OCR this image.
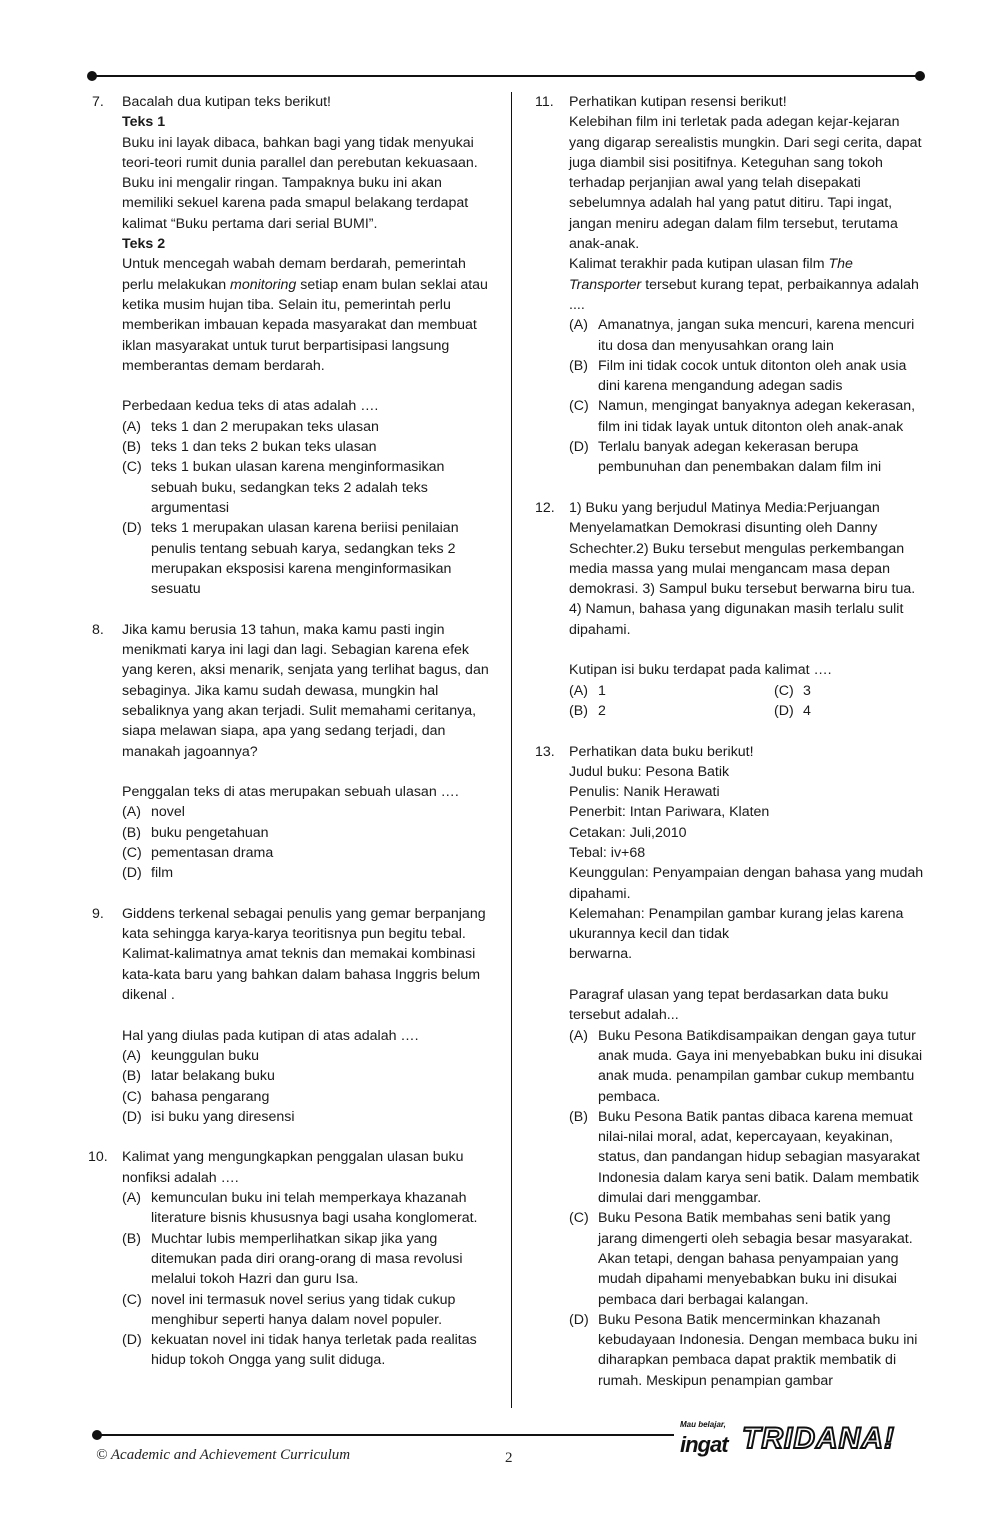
7. Bacalah dua kutipan teks berikut!

Teks 1

Buku ini layak dibaca, bahkan bagi yang tidak menyukai teori-teori rumit dunia parallel dan perebutan kekuasaan. Buku ini mengalir ringan. Tampaknya buku ini akan memiliki sekuel karena pada smapul belakang terdapat kalimat “Buku pertama dari serial BUMI”.

Teks 2

Untuk mencegah wabah demam berdarah, pemerintah perlu melakukan monitoring setiap enam bulan seklai atau ketika musim hujan tiba. Selain itu, pemerintah perlu memberikan imbauan kepada masyarakat dan membuat iklan masyarakat untuk turut berpartisipasi langsung memberantas demam berdarah.

Perbedaan kedua teks di atas adalah ….

(A) teks 1 dan 2 merupakan teks ulasan
(B) teks 1 dan teks 2 bukan teks ulasan
(C) teks 1 bukan ulasan karena menginformasikan sebuah buku, sedangkan teks 2 adalah teks argumentasi
(D) teks 1 merupakan ulasan karena beriisi penilaian penulis tentang sebuah karya, sedangkan teks 2 merupakan eksposisi karena menginformasikan sesuatu
8. Jika kamu berusia 13 tahun, maka kamu pasti ingin menikmati karya ini lagi dan lagi. Sebagian karena efek yang keren, aksi menarik, senjata yang terlihat bagus, dan sebaginya. Jika kamu sudah dewasa, mungkin hal sebaliknya yang akan terjadi. Sulit memahami ceritanya, siapa melawan siapa, apa yang sedang terjadi, dan manakah jagoannya?

Penggalan teks di atas merupakan sebuah ulasan ….

(A) novel
(B) buku pengetahuan
(C) pementasan drama
(D) film
9. Giddens terkenal sebagai penulis yang gemar berpanjang kata sehingga karya-karya teoritisnya pun begitu tebal. Kalimat-kalimatnya amat teknis dan memakai kombinasi kata-kata baru yang bahkan dalam bahasa Inggris belum dikenal .

Hal yang diulas pada kutipan di atas adalah ….

(A) keunggulan buku
(B) latar belakang buku
(C) bahasa pengarang
(D) isi buku yang diresensi
10. Kalimat yang mengungkapkan penggalan ulasan buku nonfiksi adalah ….

(A) kemunculan buku ini telah memperkaya khazanah literature bisnis khususnya bagi usaha konglomerat.
(B) Muchtar lubis memperlihatkan sikap jika yang ditemukan pada diri orang-orang di masa revolusi melalui tokoh Hazri dan guru Isa.
(C) novel ini termasuk novel serius yang tidak cukup menghibur seperti hanya dalam novel populer.
(D) kekuatan novel ini tidak hanya terletak pada realitas hidup tokoh Ongga yang sulit diduga.
11. Perhatikan kutipan resensi berikut!

Kelebihan film ini terletak pada adegan kejar-kejaran yang digarap serealistis mungkin. Dari segi cerita, dapat juga diambil sisi positifnya. Keteguhan sang tokoh terhadap perjanjian awal yang telah disepakati sebelumnya adalah hal yang patut ditiru. Tapi ingat, jangan meniru adegan dalam film tersebut, terutama anak-anak.

Kalimat terakhir pada kutipan ulasan film The Transporter tersebut kurang tepat, perbaikannya adalah ....

(A) Amanatnya, jangan suka mencuri, karena mencuri itu dosa dan menyusahkan orang lain
(B) Film ini tidak cocok untuk ditonton oleh anak usia dini karena mengandung adegan sadis
(C) Namun, mengingat banyaknya adegan kekerasan, film ini tidak layak untuk ditonton oleh anak-anak
(D) Terlalu banyak adegan kekerasan berupa pembunuhan dan penembakan dalam film ini
12. 1) Buku yang berjudul Matinya Media:Perjuangan Menyelamatkan Demokrasi disunting oleh Danny Schechter.2) Buku tersebut mengulas perkembangan media massa yang mulai mengancam masa depan demokrasi. 3) Sampul buku tersebut berwarna biru tua. 4) Namun, bahasa yang digunakan masih terlalu sulit dipahami.

Kutipan isi buku terdapat pada kalimat ….

(A) 1	(C) 3
(B) 2	(D) 4
13. Perhatikan data buku berikut!

Judul buku: Pesona Batik

Penulis: Nanik Herawati

Penerbit: Intan Pariwara, Klaten

Cetakan: Juli,2010

Tebal: iv+68

Keunggulan: Penyampaian dengan bahasa yang mudah dipahami.

Kelemahan: Penampilan gambar kurang jelas karena ukurannya kecil dan tidak

berwarna.

Paragraf ulasan yang tepat berdasarkan data buku tersebut adalah...

(A) Buku Pesona Batikdisampaikan dengan gaya tutur anak muda. Gaya ini menyebabkan buku ini disukai anak muda. penampilan gambar cukup membantu pembaca.
(B) Buku Pesona Batik pantas dibaca karena memuat nilai-nilai moral, adat, kepercayaan, keyakinan, status, dan pandangan hidup sebagian masyarakat Indonesia dalam karya seni batik. Dalam membatik dimulai dari menggambar.
(C) Buku Pesona Batik membahas seni batik yang jarang dimengerti oleh sebagia besar masyarakat. Akan tetapi, dengan bahasa penyampaian yang mudah dipahami menyebabkan buku ini disukai pembaca dari berbagai kalangan.
(D) Buku Pesona Batik mencerminkan khazanah kebudayaan Indonesia. Dengan membaca buku ini diharapkan pembaca dapat praktik membatik di rumah. Meskipun penampian gambar
© Academic and Achievement Curriculum	2
Mau belajar,
ingat TRIDANA!
